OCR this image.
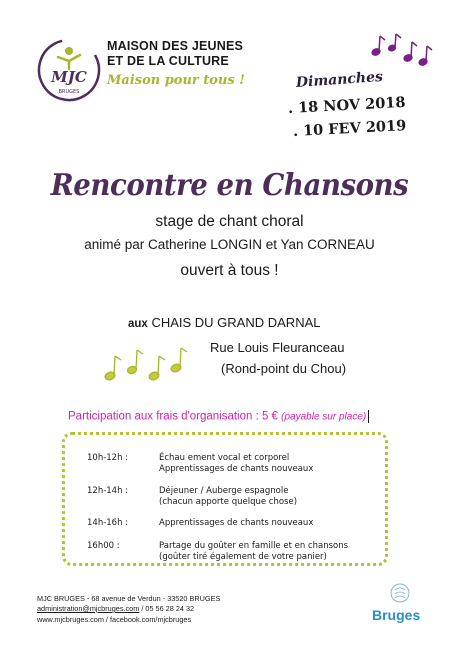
MJC
BRUGES
MAISON DES JEUNES
ET DE LA CULTURE
Maison pour tous !	Dimanches
. 18 NOV 2018
. 10 FEV 2019
Rencontre en Chansons
stage de chant choral
animé par Catherine LONGIN et Yan CORNEAU
ouvert à tous !
aux CHAIS DU GRAND DARNAL
Rue Louis Fleuranceau
(Rond-point du Chou)
Participation aux frais d'organisation : 5 € (payable sur place)
10h-12h :	Échau ement vocal et corporel
Apprentissages de chants nouveaux
12h-14h :	Déjeuner / Auberge espagnole
(chacun apporte quelque chose)
14h-16h :	Apprentissages de chants nouveaux
16h00 :	Partage du goûter en famille et en chansons
(goûter tiré également de votre panier)
MJC BRUGES - 68 avenue de Verdun - 33520 BRUGES
administration@mjcbruges.com / 05 56 28 24 32
www.mjcbruges.com / facebook.com/mjcbruges	Bruges
